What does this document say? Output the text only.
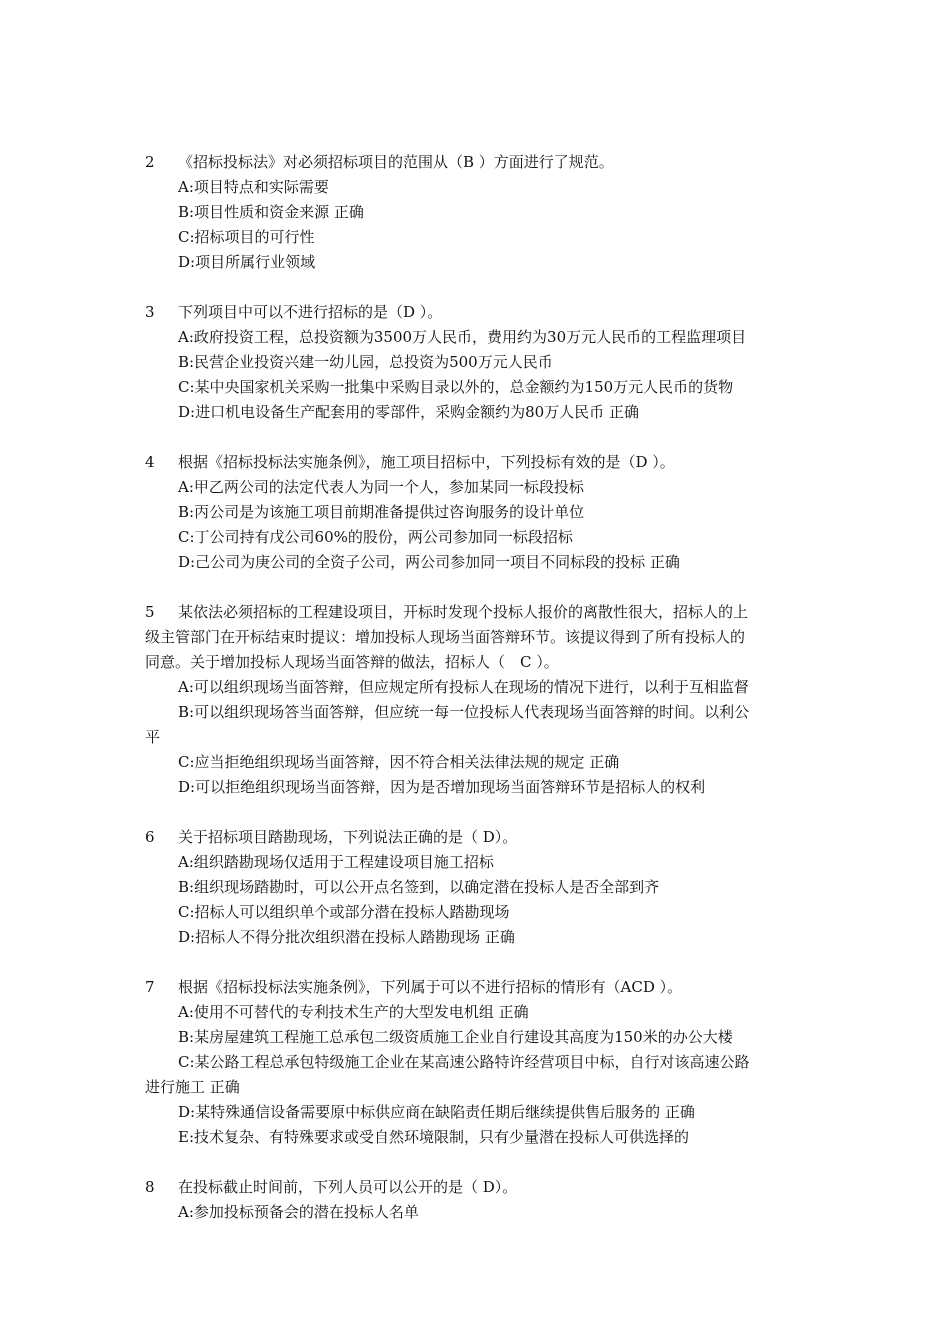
2 《招标投标法》对必须招标项目的范围从（B ）方面进行了规范。
A:项目特点和实际需要
B:项目性质和资金来源 正确
C:招标项目的可行性
D:项目所属行业领域
3 下列项目中可以不进行招标的是（D ）。
A:政府投资工程，总投资额为3500万人民币，费用约为30万元人民币的工程监理项目
B:民营企业投资兴建一幼儿园，总投资为500万元人民币
C:某中央国家机关采购一批集中采购目录以外的，总金额约为150万元人民币的货物
D:进口机电设备生产配套用的零部件，采购金额约为80万人民币 正确
4 根据《招标投标法实施条例》，施工项目招标中，下列投标有效的是（D ）。
A:甲乙两公司的法定代表人为同一个人，参加某同一标段投标
B:丙公司是为该施工项目前期准备提供过咨询服务的设计单位
C:丁公司持有戊公司60%的股份，两公司参加同一标段招标
D:己公司为庚公司的全资子公司，两公司参加同一项目不同标段的投标 正确
5 某依法必须招标的工程建设项目，开标时发现个投标人报价的离散性很大，招标人的上
级主管部门在开标结束时提议：增加投标人现场当面答辩环节。该提议得到了所有投标人的
同意。关于增加投标人现场当面答辩的做法，招标人（　C ）。
A:可以组织现场当面答辩，但应规定所有投标人在现场的情况下进行，以利于互相监督
B:可以组织现场答当面答辩，但应统一每一位投标人代表现场当面答辩的时间。以利公
平
C:应当拒绝组织现场当面答辩，因不符合相关法律法规的规定 正确
D:可以拒绝组织现场当面答辩，因为是否增加现场当面答辩环节是招标人的权利
6 关于招标项目踏勘现场，下列说法正确的是（ D）。
A:组织踏勘现场仅适用于工程建设项目施工招标
B:组织现场踏勘时，可以公开点名签到，以确定潜在投标人是否全部到齐
C:招标人可以组织单个或部分潜在投标人踏勘现场
D:招标人不得分批次组织潜在投标人踏勘现场 正确
7 根据《招标投标法实施条例》，下列属于可以不进行招标的情形有（ACD ）。
A:使用不可替代的专利技术生产的大型发电机组 正确
B:某房屋建筑工程施工总承包二级资质施工企业自行建设其高度为150米的办公大楼
C:某公路工程总承包特级施工企业在某高速公路特许经营项目中标，自行对该高速公路
进行施工 正确
D:某特殊通信设备需要原中标供应商在缺陷责任期后继续提供售后服务的 正确
E:技术复杂、有特殊要求或受自然环境限制，只有少量潜在投标人可供选择的
8 在投标截止时间前，下列人员可以公开的是（ D）。
A:参加投标预备会的潜在投标人名单
